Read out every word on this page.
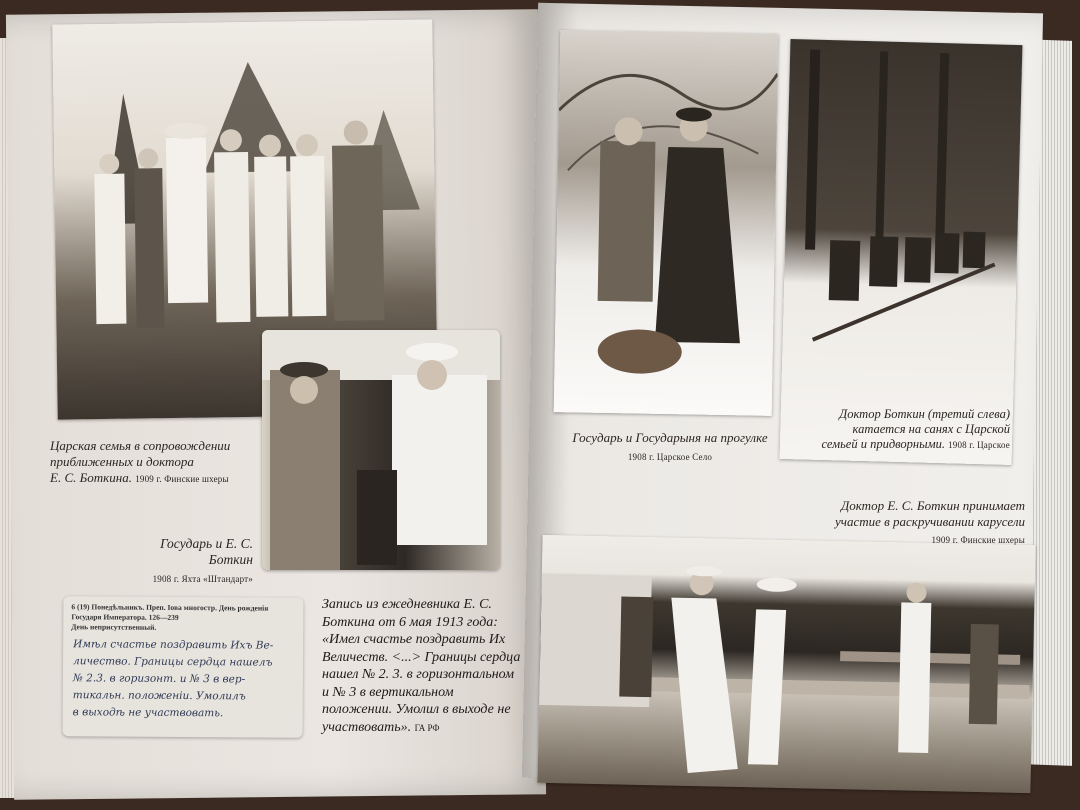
Царская семья в сопровождении
приближенных и доктора
Е. С. Боткина. 1909 г. Финские шхеры
Государь и Е. С. Боткин
1908 г. Яхта «Штандарт»
6 (19) Понедѣльникъ. Преп. Іова многостр. День рожденія
Государя Императора. 126—239
День неприсутственный.
Имѣл счастье поздравить Ихъ Ве-
личество. Границы сердца нашелъ
№ 2.3. в горизонт. и № 3 в вер-
тикальн. положеніи. Умолилъ
в выходѣ не участвовать.
Запись из ежедневника Е. С. Боткина от 6 мая 1913 года: «Имел счастье поздравить Их Величеств. <...> Границы сердца нашел № 2. 3. в горизонтальном и № 3 в вертикальном положении. Умолил в выходе не участвовать». ГА РФ
Государь и Государыня на прогулке
1908 г. Царское Село
Доктор Боткин (третий слева)
катается на санях с Царской
семьей и придворными. 1908 г. Царское
Доктор Е. С. Боткин принимает
участие в раскручивании карусели
1909 г. Финские шхеры
